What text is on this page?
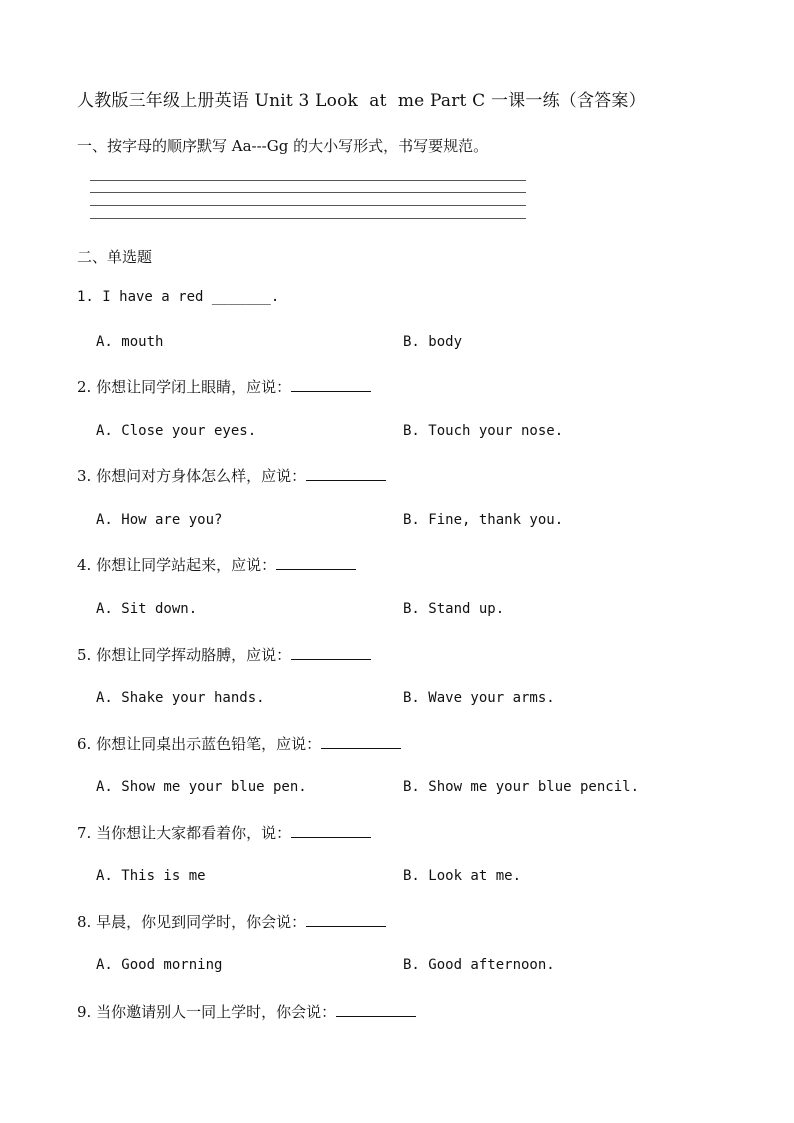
人教版三年级上册英语 Unit 3 Look  at  me Part C 一课一练（含答案）
一、按字母的顺序默写 Aa---Gg 的大小写形式，书写要规范。
二、单选题
1. I have a red _______.
A. mouth	B. body
2. 你想让同学闭上眼睛，应说：
A. Close your eyes.	B. Touch your nose.
3. 你想问对方身体怎么样，应说：
A. How are you?	B. Fine, thank you.
4. 你想让同学站起来，应说：
A. Sit down.	B. Stand up.
5. 你想让同学挥动胳膊，应说：
A. Shake your hands.	B. Wave your arms.
6. 你想让同桌出示蓝色铅笔，应说：
A. Show me your blue pen.	B. Show me your blue pencil.
7. 当你想让大家都看着你，说：
A. This is me	B. Look at me.
8. 早晨，你见到同学时，你会说：
A. Good morning	B. Good afternoon.
9. 当你邀请别人一同上学时，你会说：
